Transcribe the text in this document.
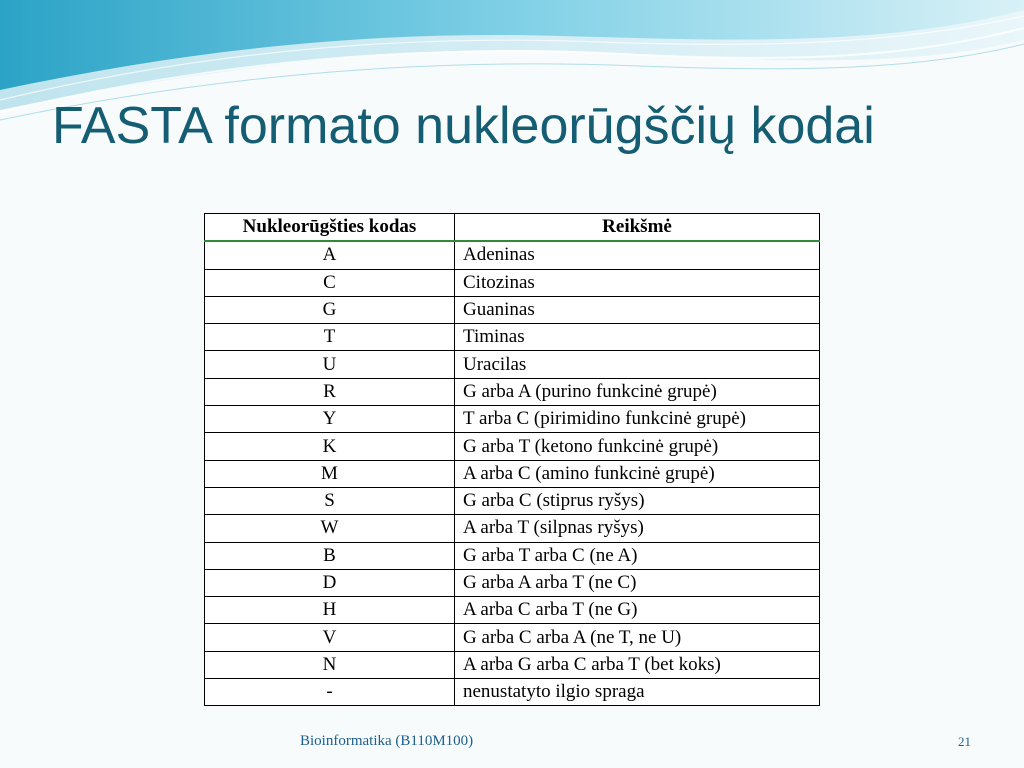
FASTA formato nukleorūgščių kodai
Nukleorūgšties kodas	Reikšmė
A	Adeninas
C	Citozinas
G	Guaninas
T	Timinas
U	Uracilas
R	G arba A (purino funkcinė grupė)
Y	T arba C (pirimidino funkcinė grupė)
K	G arba T (ketono funkcinė grupė)
M	A arba C (amino funkcinė grupė)
S	G arba C (stiprus ryšys)
W	A arba T (silpnas ryšys)
B	G arba T arba C (ne A)
D	G arba A arba T (ne C)
H	A arba C arba T (ne G)
V	G arba C arba A (ne T, ne U)
N	A arba G arba C arba T (bet koks)
-	nenustatyto ilgio spraga
Bioinformatika (B110M100)	21
